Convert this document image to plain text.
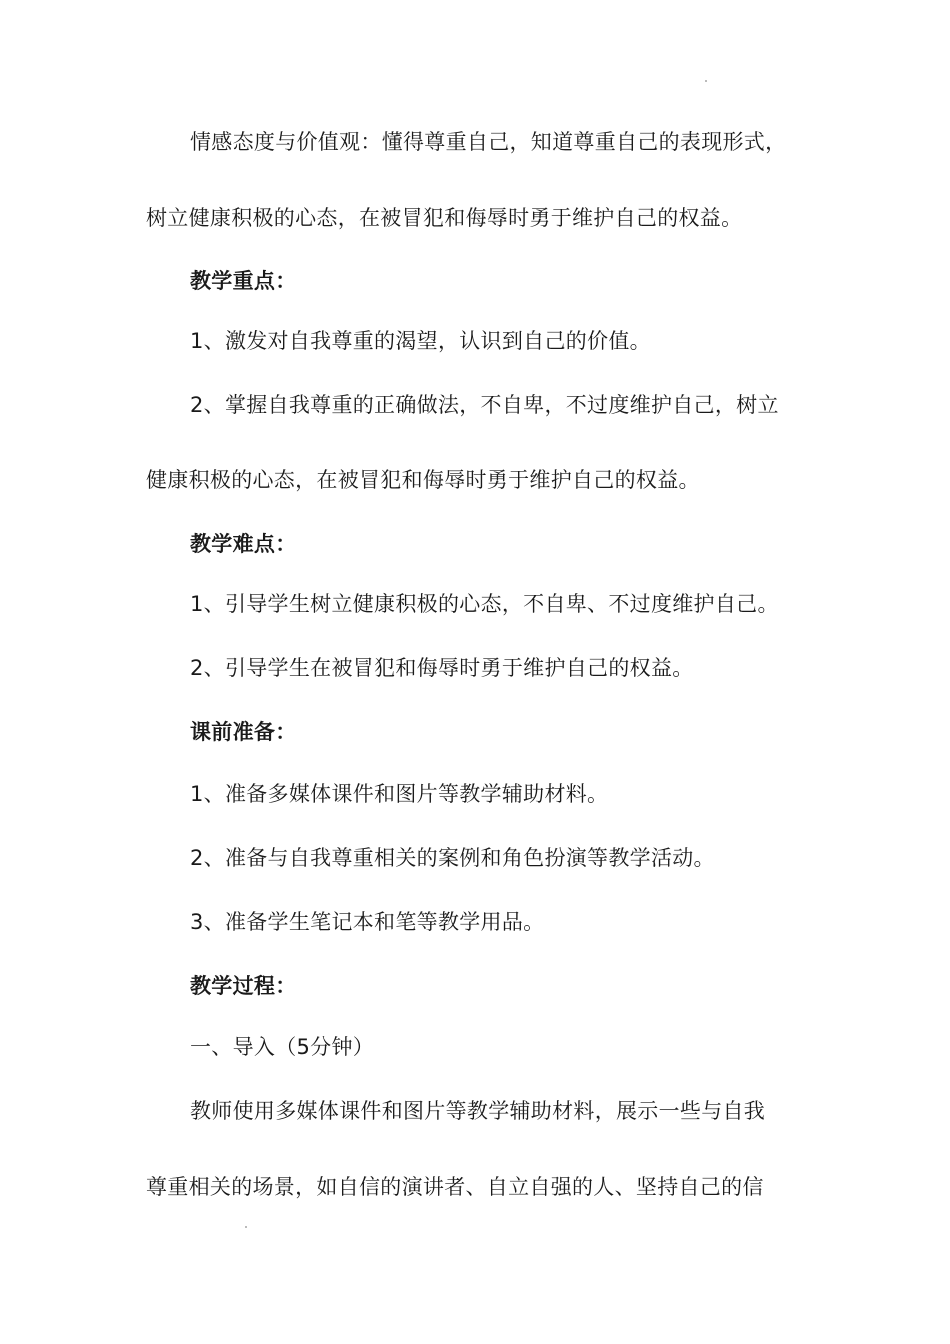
情感态度与价值观：懂得尊重自己，知道尊重自己的表现形式，
树立健康积极的心态，在被冒犯和侮辱时勇于维护自己的权益。
教学重点：
1、激发对自我尊重的渴望，认识到自己的价值。
2、掌握自我尊重的正确做法，不自卑，不过度维护自己，树立
健康积极的心态，在被冒犯和侮辱时勇于维护自己的权益。
教学难点：
1、引导学生树立健康积极的心态，不自卑、不过度维护自己。
2、引导学生在被冒犯和侮辱时勇于维护自己的权益。
课前准备：
1、准备多媒体课件和图片等教学辅助材料。
2、准备与自我尊重相关的案例和角色扮演等教学活动。
3、准备学生笔记本和笔等教学用品。
教学过程：
一、导入（5分钟）
教师使用多媒体课件和图片等教学辅助材料，展示一些与自我
尊重相关的场景，如自信的演讲者、自立自强的人、坚持自己的信
